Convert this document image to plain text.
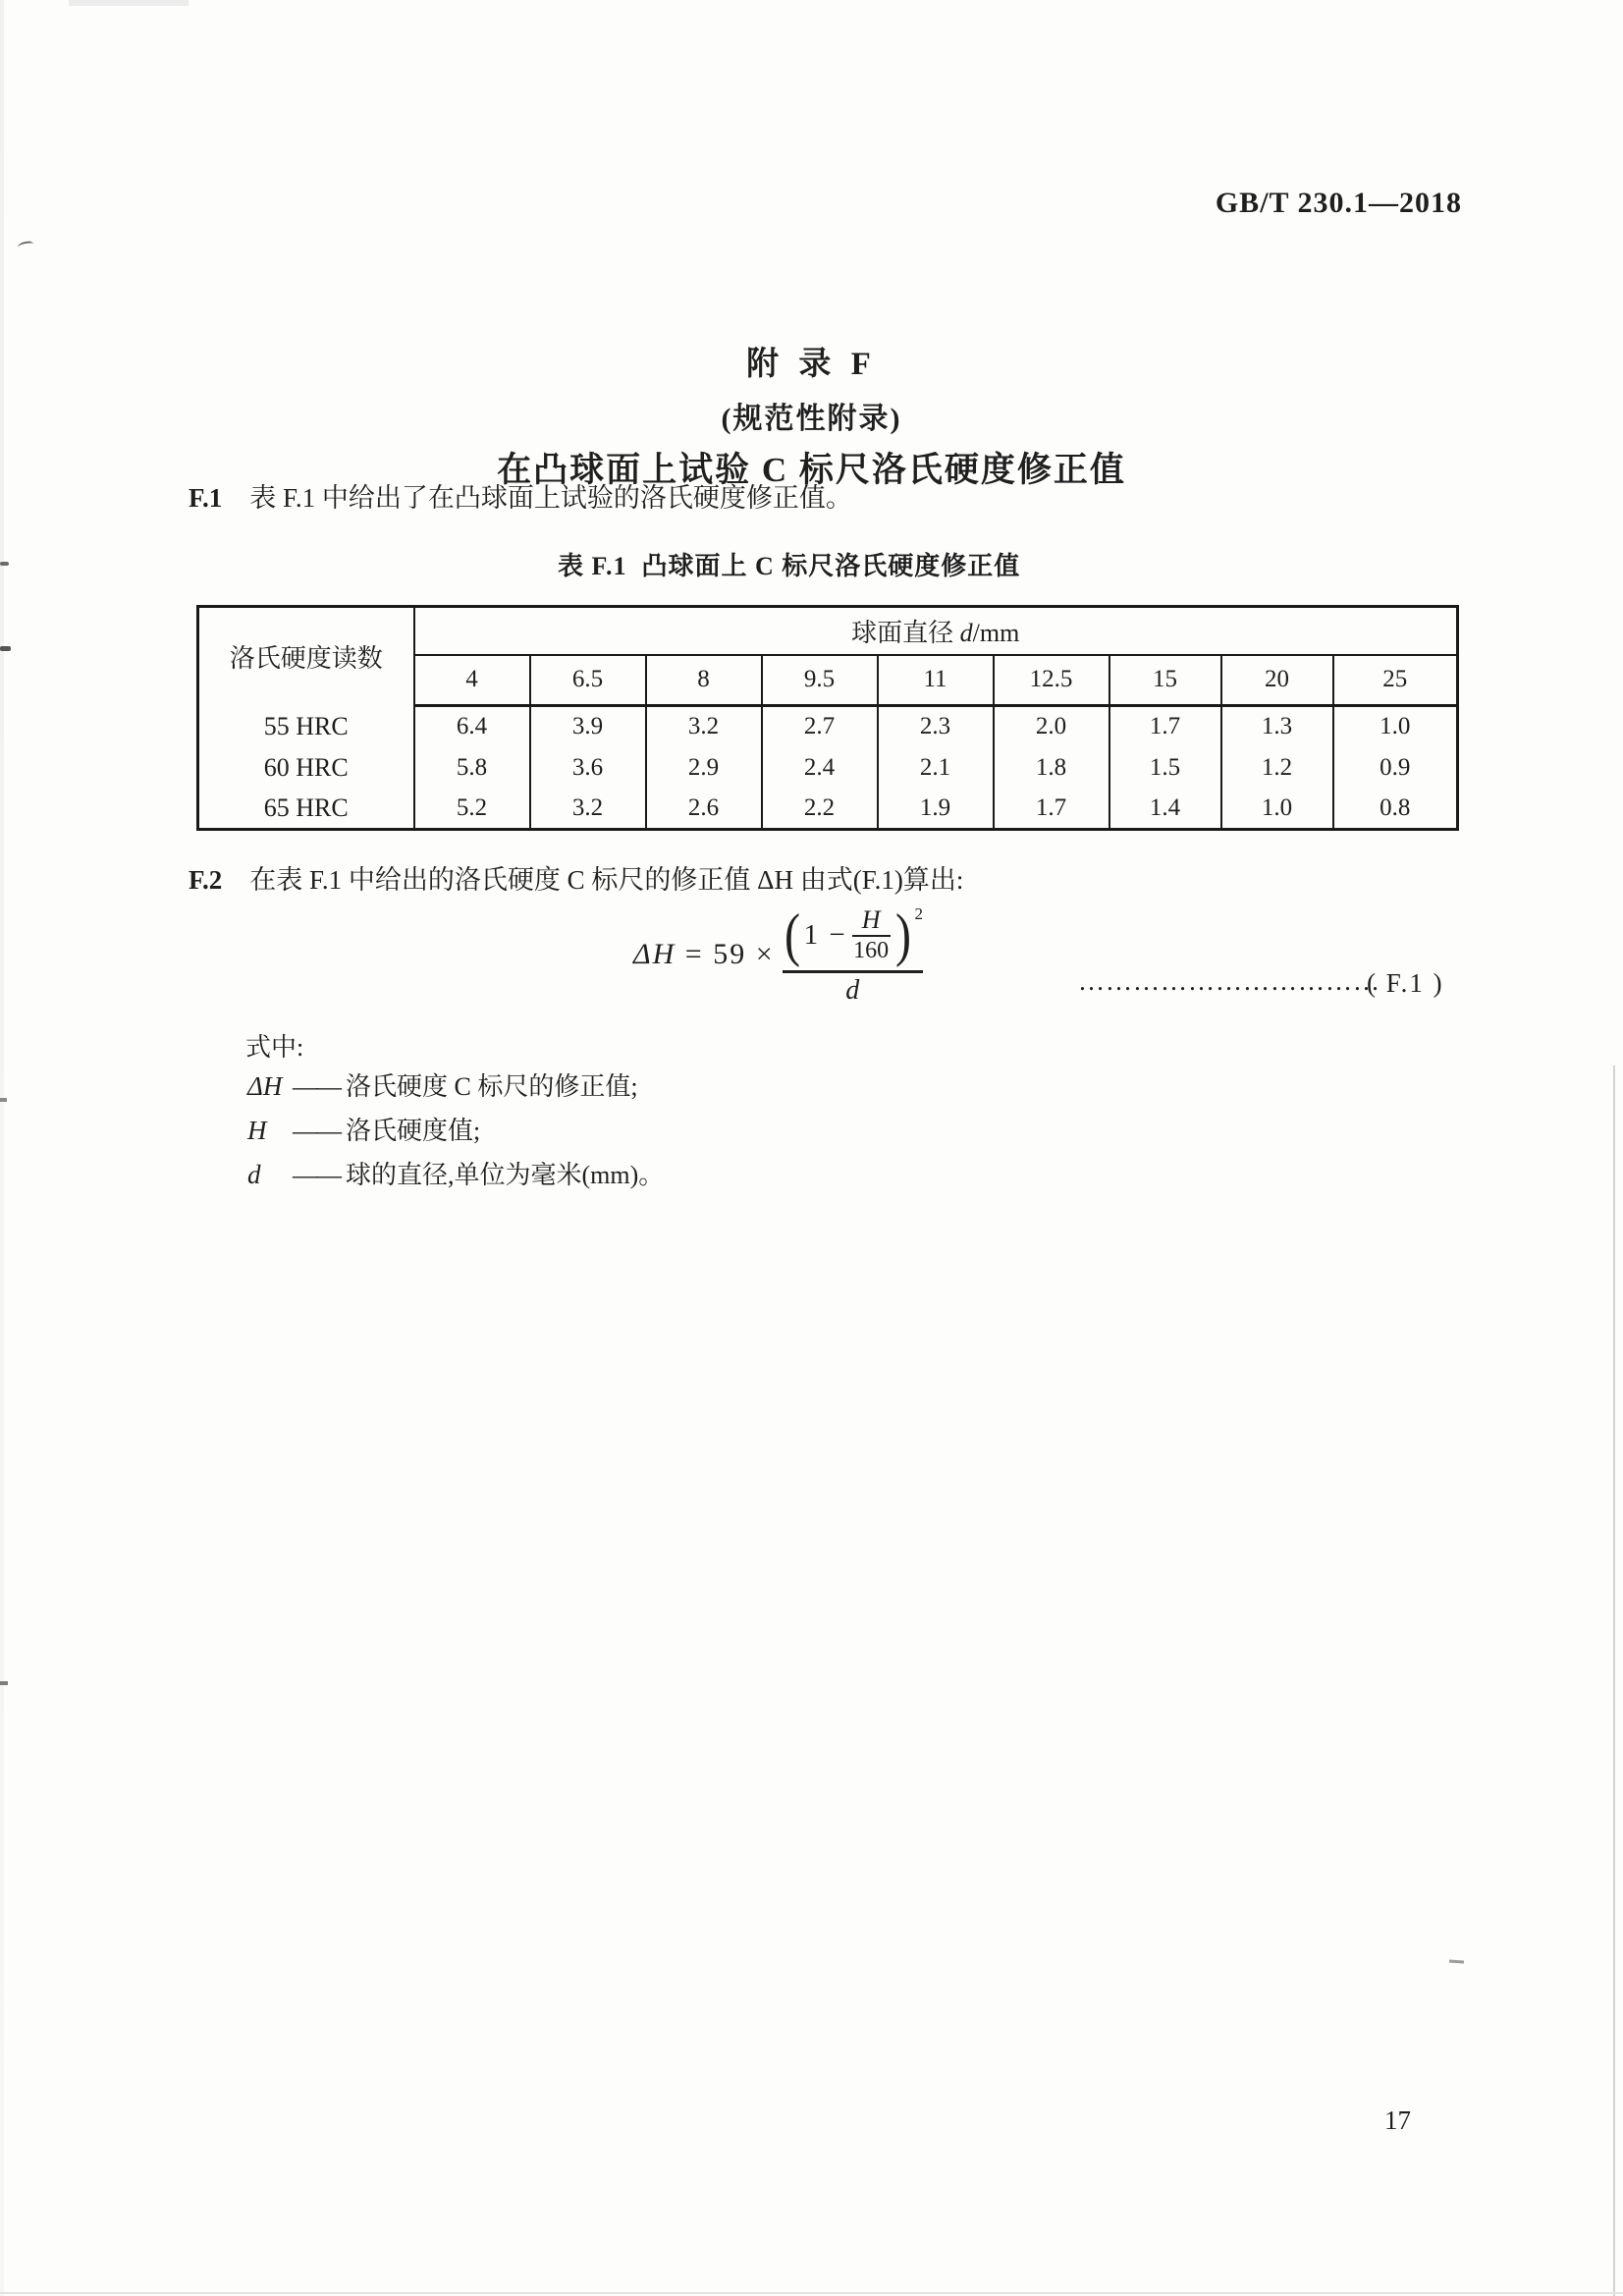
GB/T 230.1—2018
附 录 F
(规范性附录)
在凸球面上试验 C 标尺洛氏硬度修正值
F.1 表 F.1 中给出了在凸球面上试验的洛氏硬度修正值。
表 F.1  凸球面上 C 标尺洛氏硬度修正值
洛氏硬度读数	球面直径 d/mm								
	4	6.5	8	9.5	11	12.5	15	20	25
55 HRC	6.4	3.9	3.2	2.7	2.3	2.0	1.7	1.3	1.0
60 HRC	5.8	3.6	2.9	2.4	2.1	1.8	1.5	1.2	0.9
65 HRC	5.2	3.2	2.6	2.2	1.9	1.7	1.4	1.0	0.8
F.2 在表 F.1 中给出的洛氏硬度 C 标尺的修正值 ΔH 由式(F.1)算出:
ΔH = 59 × ( $1 - \frac{H}{160}$ ) 2
d	……………………………
( F.1 )
式中:
ΔH —— 洛氏硬度 C 标尺的修正值;
H	—— 洛氏硬度值;
d	—— 球的直径,单位为毫米(mm)。
17
